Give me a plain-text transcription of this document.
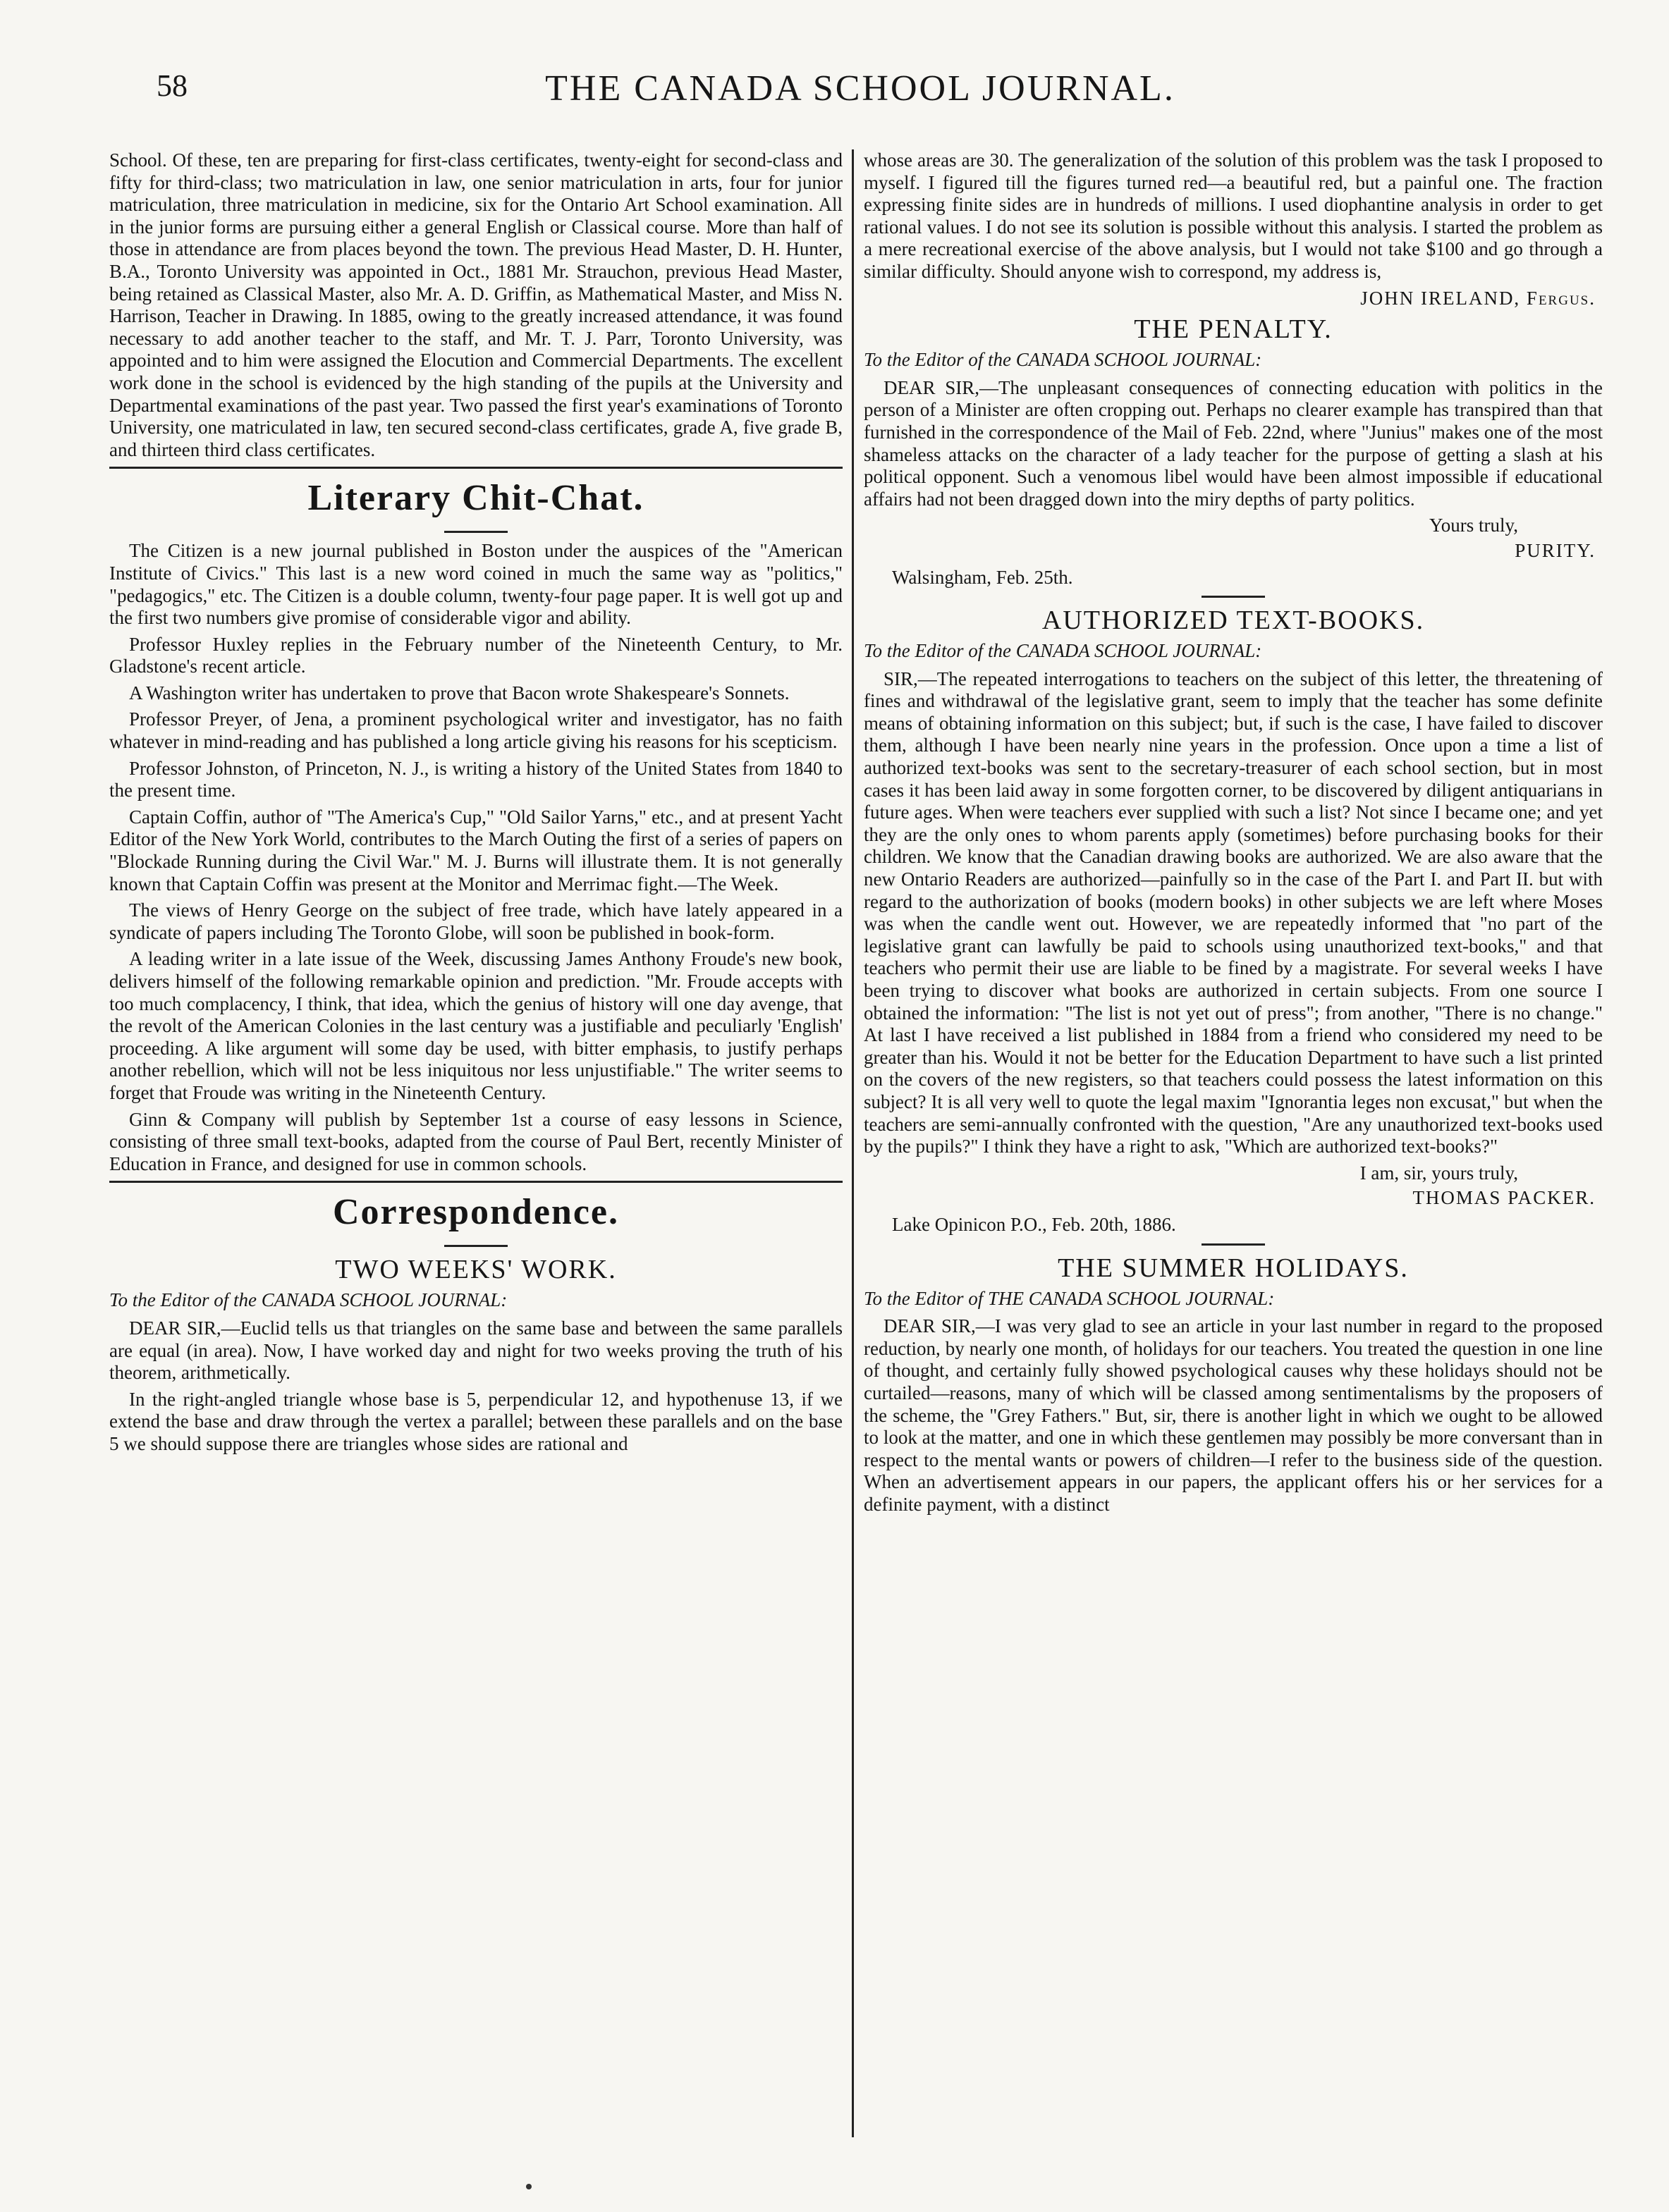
58	THE CANADA SCHOOL JOURNAL.

School. Of these, ten are preparing for first-class certificates, twenty-eight for second-class and fifty for third-class; two matriculation in law, one senior matriculation in arts, four for junior matriculation, three matriculation in medicine, six for the Ontario Art School examination. All in the junior forms are pursuing either a general English or Classical course. More than half of those in attendance are from places beyond the town. The previous Head Master, D. H. Hunter, B.A., Toronto University was appointed in Oct., 1881 Mr. Strauchon, previous Head Master, being retained as Classical Master, also Mr. A. D. Griffin, as Mathematical Master, and Miss N. Harrison, Teacher in Drawing. In 1885, owing to the greatly increased attendance, it was found necessary to add another teacher to the staff, and Mr. T. J. Parr, Toronto University, was appointed and to him were assigned the Elocution and Commercial Departments. The excellent work done in the school is evidenced by the high standing of the pupils at the University and Departmental examinations of the past year. Two passed the first year's examinations of Toronto University, one matriculated in law, ten secured second-class certificates, grade A, five grade B, and thirteen third class certificates.

Literary Chit-Chat.

The Citizen is a new journal published in Boston under the auspices of the "American Institute of Civics." This last is a new word coined in much the same way as "politics," "pedagogics," etc. The Citizen is a double column, twenty-four page paper. It is well got up and the first two numbers give promise of considerable vigor and ability.

Professor Huxley replies in the February number of the Nineteenth Century, to Mr. Gladstone's recent article.

A Washington writer has undertaken to prove that Bacon wrote Shakespeare's Sonnets.

Professor Preyer, of Jena, a prominent psychological writer and investigator, has no faith whatever in mind-reading and has published a long article giving his reasons for his scepticism.

Professor Johnston, of Princeton, N. J., is writing a history of the United States from 1840 to the present time.

Captain Coffin, author of "The America's Cup," "Old Sailor Yarns," etc., and at present Yacht Editor of the New York World, contributes to the March Outing the first of a series of papers on "Blockade Running during the Civil War." M. J. Burns will illustrate them. It is not generally known that Captain Coffin was present at the Monitor and Merrimac fight.—The Week.

The views of Henry George on the subject of free trade, which have lately appeared in a syndicate of papers including The Toronto Globe, will soon be published in book-form.

A leading writer in a late issue of the Week, discussing James Anthony Froude's new book, delivers himself of the following remarkable opinion and prediction. "Mr. Froude accepts with too much complacency, I think, that idea, which the genius of history will one day avenge, that the revolt of the American Colonies in the last century was a justifiable and peculiarly 'English' proceeding. A like argument will some day be used, with bitter emphasis, to justify perhaps another rebellion, which will not be less iniquitous nor less unjustifiable." The writer seems to forget that Froude was writing in the Nineteenth Century.

Ginn & Company will publish by September 1st a course of easy lessons in Science, consisting of three small text-books, adapted from the course of Paul Bert, recently Minister of Education in France, and designed for use in common schools.

Correspondence.
TWO WEEKS' WORK.

To the Editor of the CANADA SCHOOL JOURNAL:

DEAR SIR,—Euclid tells us that triangles on the same base and between the same parallels are equal (in area). Now, I have worked day and night for two weeks proving the truth of his theorem, arithmetically.

In the right-angled triangle whose base is 5, perpendicular 12, and hypothenuse 13, if we extend the base and draw through the vertex a parallel; between these parallels and on the base 5 we should suppose there are triangles whose sides are rational and

whose areas are 30. The generalization of the solution of this problem was the task I proposed to myself. I figured till the figures turned red—a beautiful red, but a painful one. The fraction expressing finite sides are in hundreds of millions. I used diophantine analysis in order to get rational values. I do not see its solution is possible without this analysis. I started the problem as a mere recreational exercise of the above analysis, but I would not take $100 and go through a similar difficulty. Should anyone wish to correspond, my address is,

JOHN IRELAND, Fergus.
THE PENALTY.

To the Editor of the CANADA SCHOOL JOURNAL:

DEAR SIR,—The unpleasant consequences of connecting education with politics in the person of a Minister are often cropping out. Perhaps no clearer example has transpired than that furnished in the correspondence of the Mail of Feb. 22nd, where "Junius" makes one of the most shameless attacks on the character of a lady teacher for the purpose of getting a slash at his political opponent. Such a venomous libel would have been almost impossible if educational affairs had not been dragged down into the miry depths of party politics.

Yours truly,
PURITY.

Walsingham, Feb. 25th.

AUTHORIZED TEXT-BOOKS.

To the Editor of the CANADA SCHOOL JOURNAL:

SIR,—The repeated interrogations to teachers on the subject of this letter, the threatening of fines and withdrawal of the legislative grant, seem to imply that the teacher has some definite means of obtaining information on this subject; but, if such is the case, I have failed to discover them, although I have been nearly nine years in the profession. Once upon a time a list of authorized text-books was sent to the secretary-treasurer of each school section, but in most cases it has been laid away in some forgotten corner, to be discovered by diligent antiquarians in future ages. When were teachers ever supplied with such a list? Not since I became one; and yet they are the only ones to whom parents apply (sometimes) before purchasing books for their children. We know that the Canadian drawing books are authorized. We are also aware that the new Ontario Readers are authorized—painfully so in the case of the Part I. and Part II. but with regard to the authorization of books (modern books) in other subjects we are left where Moses was when the candle went out. However, we are repeatedly informed that "no part of the legislative grant can lawfully be paid to schools using unauthorized text-books," and that teachers who permit their use are liable to be fined by a magistrate. For several weeks I have been trying to discover what books are authorized in certain subjects. From one source I obtained the information: "The list is not yet out of press"; from another, "There is no change." At last I have received a list published in 1884 from a friend who considered my need to be greater than his. Would it not be better for the Education Department to have such a list printed on the covers of the new registers, so that teachers could possess the latest information on this subject? It is all very well to quote the legal maxim "Ignorantia leges non excusat," but when the teachers are semi-annually confronted with the question, "Are any unauthorized text-books used by the pupils?" I think they have a right to ask, "Which are authorized text-books?"

I am, sir, yours truly,
THOMAS PACKER.

Lake Opinicon P.O., Feb. 20th, 1886.

THE SUMMER HOLIDAYS.

To the Editor of THE CANADA SCHOOL JOURNAL:

DEAR SIR,—I was very glad to see an article in your last number in regard to the proposed reduction, by nearly one month, of holidays for our teachers. You treated the question in one line of thought, and certainly fully showed psychological causes why these holidays should not be curtailed—reasons, many of which will be classed among sentimentalisms by the proposers of the scheme, the "Grey Fathers." But, sir, there is another light in which we ought to be allowed to look at the matter, and one in which these gentlemen may possibly be more conversant than in respect to the mental wants or powers of children—I refer to the business side of the question. When an advertisement appears in our papers, the applicant offers his or her services for a definite payment, with a distinct
